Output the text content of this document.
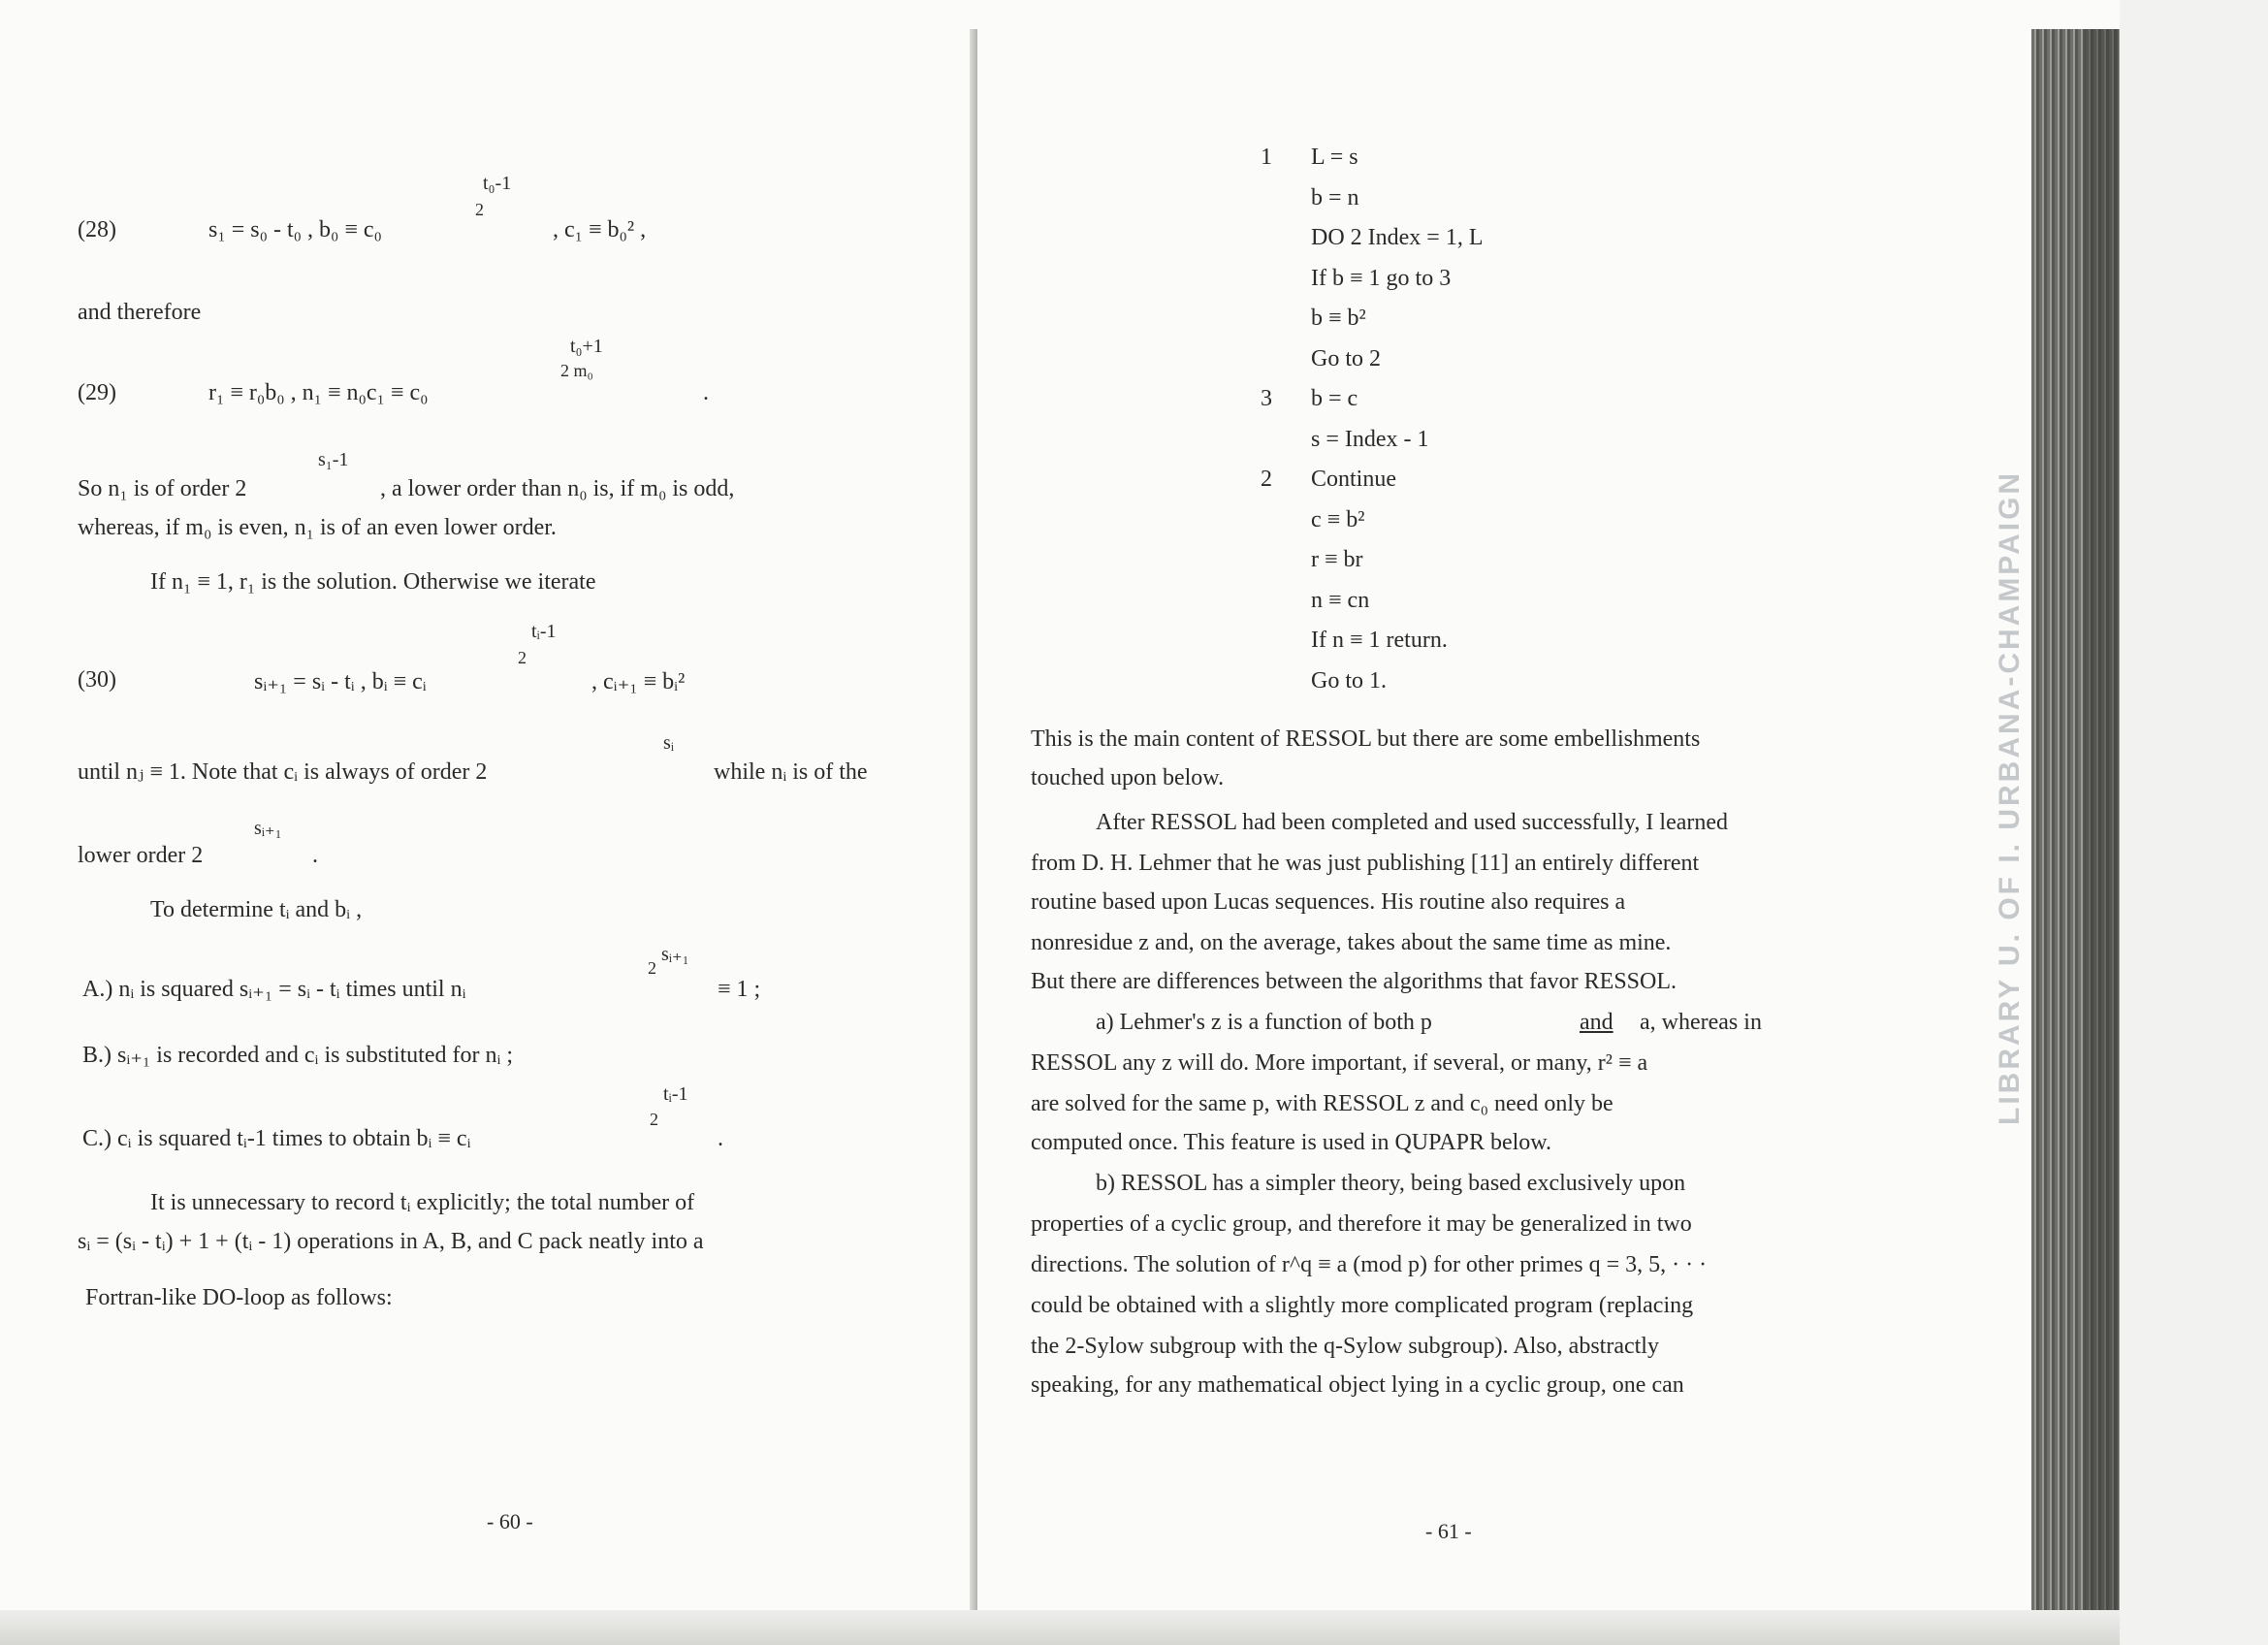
(28)	s₁ = s₀ - t₀ , b₀ ≡ c₀
t₀-1
2
, c₁ ≡ b₀² ,
and therefore
(29)	r₁ ≡ r₀b₀ , n₁ ≡ n₀c₁ ≡ c₀
t₀+1
2 m₀
.
So n₁ is of order 2
s₁-1
, a lower order than n₀ is, if m₀ is odd,
whereas, if m₀ is even, n₁ is of an even lower order.
If n₁ ≡ 1, r₁ is the solution. Otherwise we iterate
(30)	sᵢ₊₁ = sᵢ - tᵢ , bᵢ ≡ cᵢ
tᵢ-1
2
, cᵢ₊₁ ≡ bᵢ²
until nⱼ ≡ 1. Note that cᵢ is always of order 2
sᵢ
while nᵢ is of the
lower order 2
sᵢ₊₁
.
To determine tᵢ and bᵢ ,
A.) nᵢ is squared sᵢ₊₁ = sᵢ - tᵢ times until nᵢ
2
sᵢ₊₁
≡ 1 ;
B.) sᵢ₊₁ is recorded and cᵢ is substituted for nᵢ ;
C.) cᵢ is squared tᵢ-1 times to obtain bᵢ ≡ cᵢ
2
tᵢ-1
.
It is unnecessary to record tᵢ explicitly; the total number of
sᵢ = (sᵢ - tᵢ) + 1 + (tᵢ - 1) operations in A, B, and C pack neatly into a
Fortran-like DO-loop as follows:
- 60 -
1 L = s
b = n
DO 2 Index = 1, L
If b ≡ 1 go to 3
b ≡ b²
Go to 2
3 b = c
s = Index - 1
2 Continue
c ≡ b²
r ≡ br
n ≡ cn
If n ≡ 1 return.
Go to 1.
This is the main content of RESSOL but there are some embellishments
touched upon below.
After RESSOL had been completed and used successfully, I learned
from D. H. Lehmer that he was just publishing [11] an entirely different
routine based upon Lucas sequences. His routine also requires a
nonresidue z and, on the average, takes about the same time as mine.
But there are differences between the algorithms that favor RESSOL.
a) Lehmer's z is a function of both p	and a, whereas in
RESSOL any z will do. More important, if several, or many, r² ≡ a
are solved for the same p, with RESSOL z and c₀ need only be
computed once. This feature is used in QUPAPR below.
b) RESSOL has a simpler theory, being based exclusively upon
properties of a cyclic group, and therefore it may be generalized in two
directions. The solution of r^q ≡ a (mod p) for other primes q = 3, 5, · · ·
could be obtained with a slightly more complicated program (replacing
the 2-Sylow subgroup with the q-Sylow subgroup). Also, abstractly
speaking, for any mathematical object lying in a cyclic group, one can
- 61 -
LIBRARY U. OF I. URBANA-CHAMPAIGN
